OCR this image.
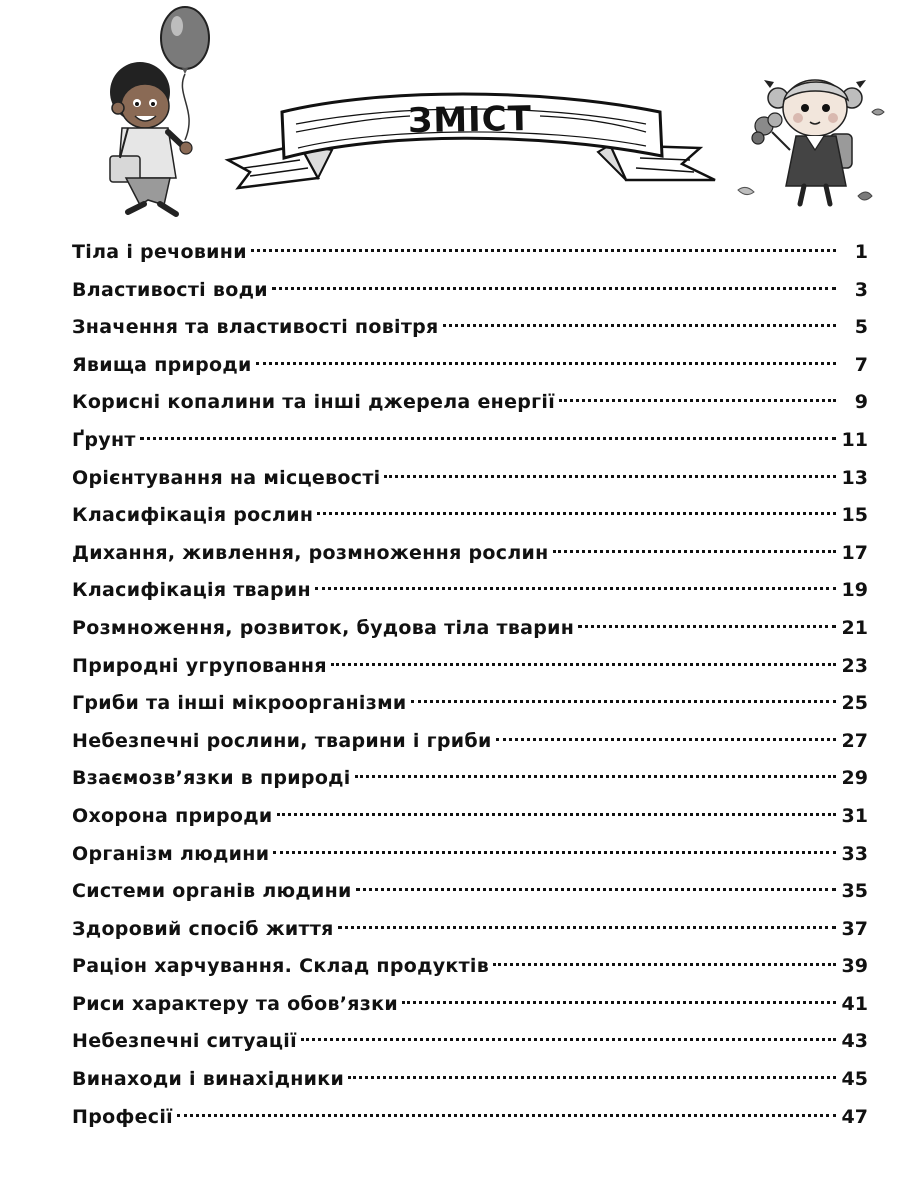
ЗМІСТ
Тіла і речовини	1
Властивості води	3
Значення та властивості повітря	5
Явища природи	7
Корисні копалини та інші джерела енергії	9
Ґрунт	11
Орієнтування на місцевості	13
Класифікація рослин	15
Дихання, живлення, розмноження рослин	17
Класифікація тварин	19
Розмноження, розвиток, будова тіла тварин	21
Природні угруповання	23
Гриби та інші мікроорганізми	25
Небезпечні рослини, тварини і гриби	27
Взаємозв’язки в природі	29
Охорона природи	31
Організм людини	33
Системи органів людини	35
Здоровий спосіб життя	37
Раціон харчування. Склад продуктів	39
Риси характеру та обов’язки	41
Небезпечні ситуації	43
Винаходи і винахідники	45
Професії	47
